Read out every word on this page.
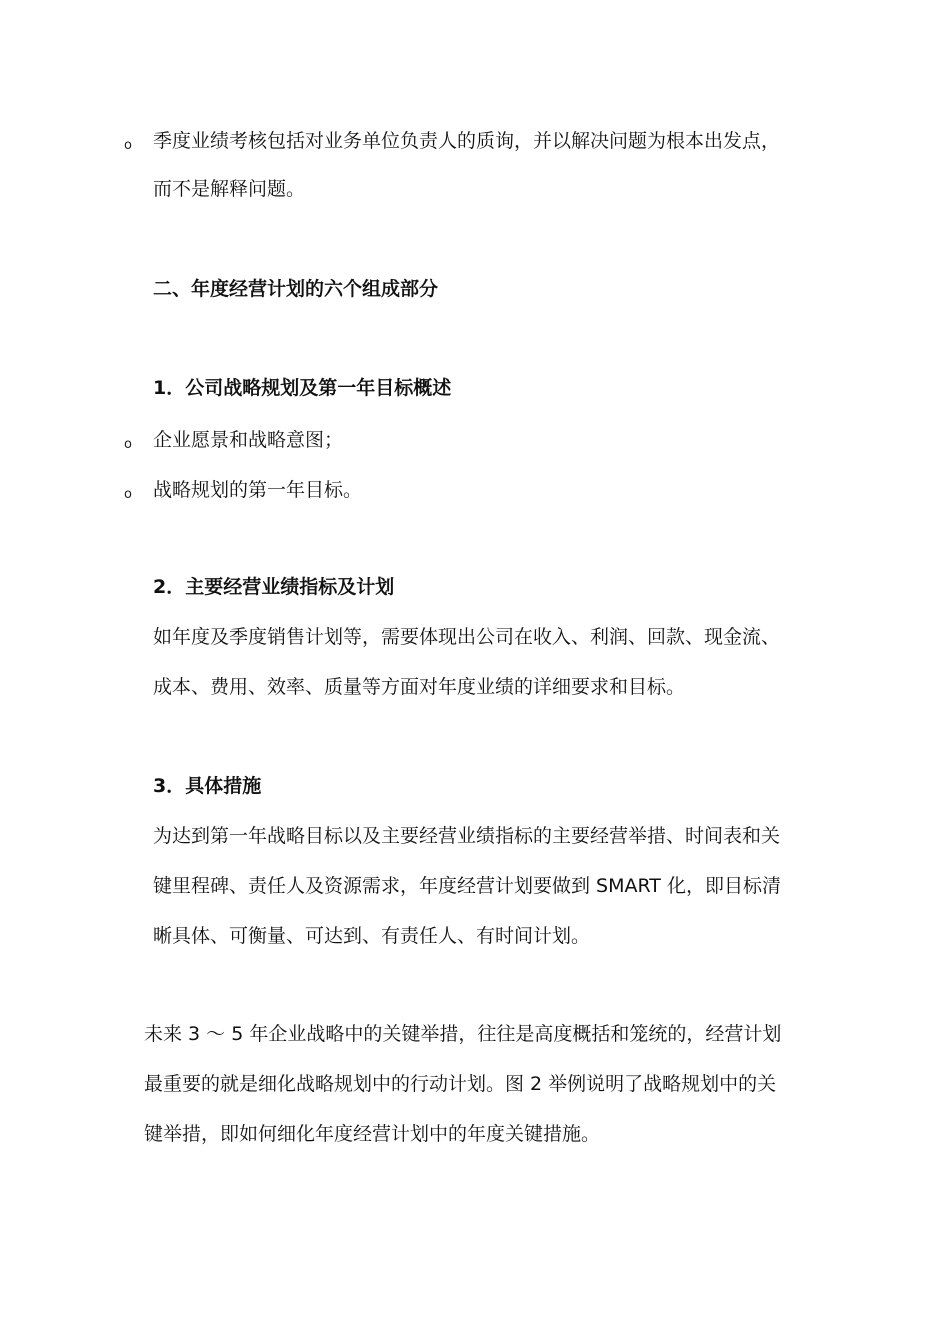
o 季度业绩考核包括对业务单位负责人的质询，并以解决问题为根本出发点，
而不是解释问题。
二、年度经营计划的六个组成部分
1．公司战略规划及第一年目标概述
o 企业愿景和战略意图；
o 战略规划的第一年目标。
2．主要经营业绩指标及计划
如年度及季度销售计划等，需要体现出公司在收入、利润、回款、现金流、
成本、费用、效率、质量等方面对年度业绩的详细要求和目标。
3．具体措施
为达到第一年战略目标以及主要经营业绩指标的主要经营举措、时间表和关
键里程碑、责任人及资源需求，年度经营计划要做到 SMART 化，即目标清
晰具体、可衡量、可达到、有责任人、有时间计划。
未来 3 ～ 5 年企业战略中的关键举措，往往是高度概括和笼统的，经营计划
最重要的就是细化战略规划中的行动计划。图 2 举例说明了战略规划中的关
键举措，即如何细化年度经营计划中的年度关键措施。
